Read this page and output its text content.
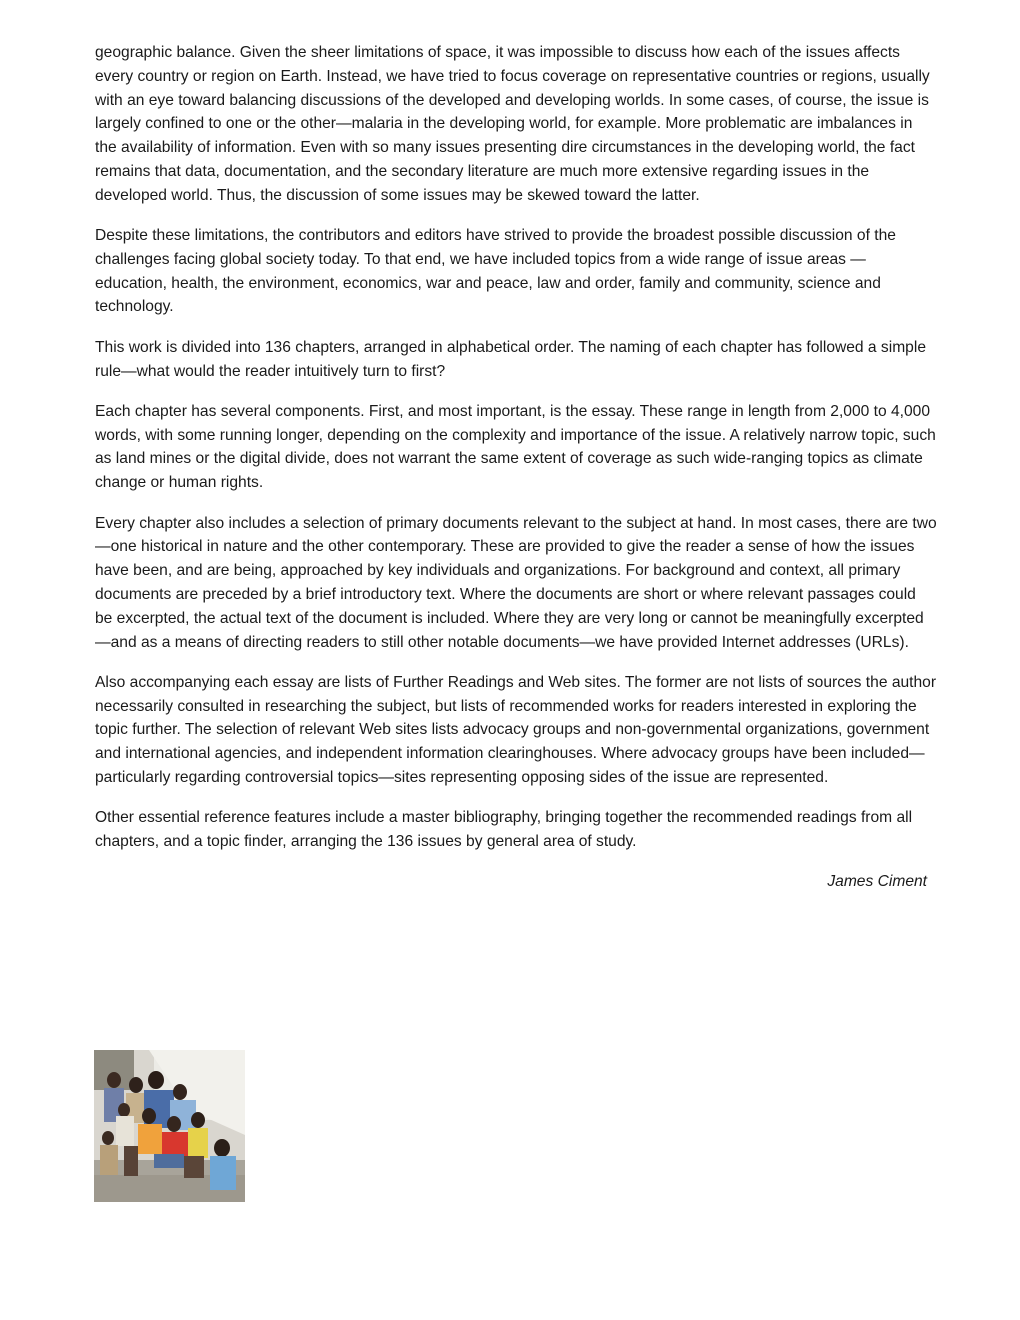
geographic balance. Given the sheer limitations of space, it was impossible to discuss how each of the issues affects every country or region on Earth. Instead, we have tried to focus coverage on representative countries or regions, usually with an eye toward balancing discussions of the developed and developing worlds. In some cases, of course, the issue is largely confined to one or the other—malaria in the developing world, for example. More problematic are imbalances in the availability of information. Even with so many issues presenting dire circumstances in the developing world, the fact remains that data, documentation, and the secondary literature are much more extensive regarding issues in the developed world. Thus, the discussion of some issues may be skewed toward the latter.

Despite these limitations, the contributors and editors have strived to provide the broadest possible discussion of the challenges facing global society today. To that end, we have included topics from a wide range of issue areas —education, health, the environment, economics, war and peace, law and order, family and community, science and technology.

This work is divided into 136 chapters, arranged in alphabetical order. The naming of each chapter has followed a simple rule—what would the reader intuitively turn to first?

Each chapter has several components. First, and most important, is the essay. These range in length from 2,000 to 4,000 words, with some running longer, depending on the complexity and importance of the issue. A relatively narrow topic, such as land mines or the digital divide, does not warrant the same extent of coverage as such wide-ranging topics as climate change or human rights.

Every chapter also includes a selection of primary documents relevant to the subject at hand. In most cases, there are two—one historical in nature and the other contemporary. These are provided to give the reader a sense of how the issues have been, and are being, approached by key individuals and organizations. For background and context, all primary documents are preceded by a brief introductory text. Where the documents are short or where relevant passages could be excerpted, the actual text of the document is included. Where they are very long or cannot be meaningfully excerpted—and as a means of directing readers to still other notable documents—we have provided Internet addresses (URLs).

Also accompanying each essay are lists of Further Readings and Web sites. The former are not lists of sources the author necessarily consulted in researching the subject, but lists of recommended works for readers interested in exploring the topic further. The selection of relevant Web sites lists advocacy groups and non-governmental organizations, government and international agencies, and independent information clearinghouses. Where advocacy groups have been included—particularly regarding controversial topics—sites representing opposing sides of the issue are represented.

Other essential reference features include a master bibliography, bringing together the recommended readings from all chapters, and a topic finder, arranging the 136 issues by general area of study.

James Ciment
